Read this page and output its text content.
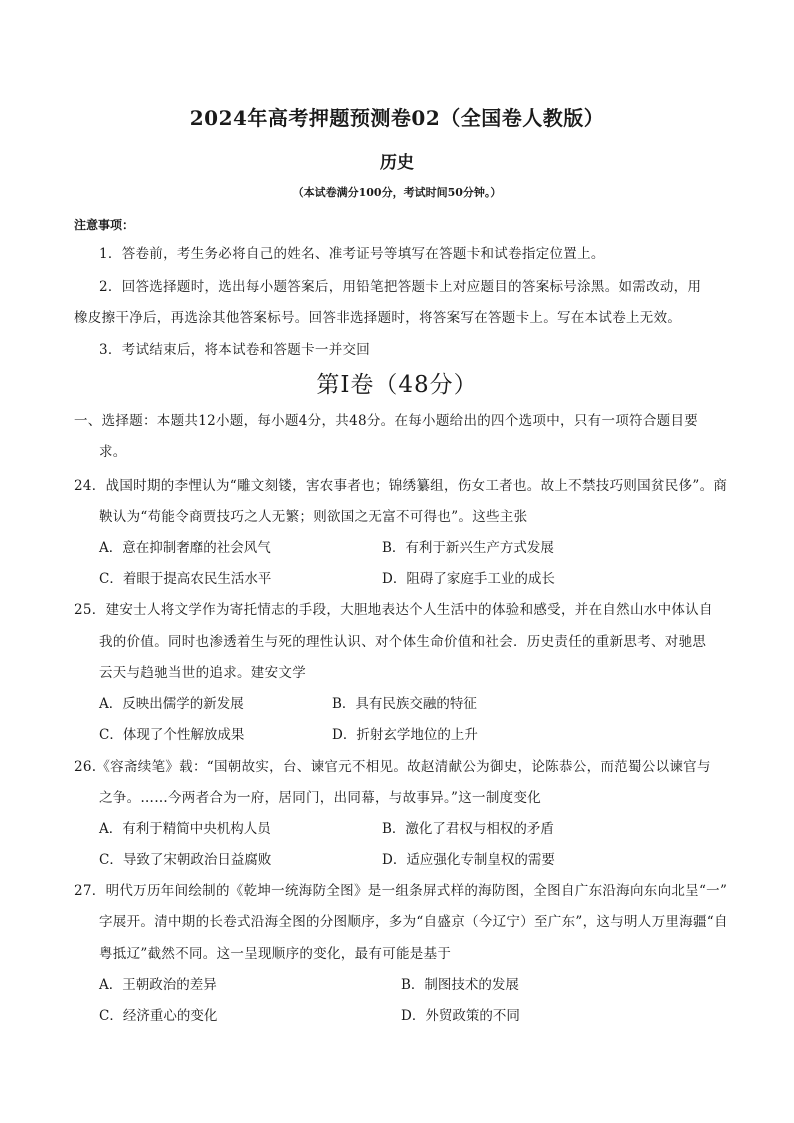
2024年高考押题预测卷02（全国卷人教版）
历史
（本试卷满分100分，考试时间50分钟。）
注意事项：
1．答卷前，考生务必将自己的姓名、准考证号等填写在答题卡和试卷指定位置上。
2．回答选择题时，选出每小题答案后，用铅笔把答题卡上对应题目的答案标号涂黑。如需改动，用
橡皮擦干净后，再选涂其他答案标号。回答非选择题时，将答案写在答题卡上。写在本试卷上无效。
3．考试结束后，将本试卷和答题卡一并交回
第Ⅰ卷（48分）
一、选择题：本题共12小题，每小题4分，共48分。在每小题给出的四个选项中，只有一项符合题目要
求。
24．战国时期的李悝认为“雕文刻镂，害农事者也；锦绣纂组，伤女工者也。故上不禁技巧则国贫民侈”。商
鞅认为“苟能令商贾技巧之人无繁；则欲国之无富不可得也”。这些主张
A．意在抑制奢靡的社会风气	B．有利于新兴生产方式发展
C．着眼于提高农民生活水平	D．阻碍了家庭手工业的成长
25．建安士人将文学作为寄托情志的手段，大胆地表达个人生活中的体验和感受，并在自然山水中体认自
我的价值。同时也渗透着生与死的理性认识、对个体生命价值和社会．历史责任的重新思考、对驰思
云天与趋驰当世的追求。建安文学
A．反映出儒学的新发展	B．具有民族交融的特征
C．体现了个性解放成果	D．折射玄学地位的上升
26.《容斋续笔》载：“国朝故实，台、谏官元不相见。故赵清献公为御史，论陈恭公，而范蜀公以谏官与
之争。……今两者合为一府，居同门，出同幕，与故事异。”这一制度变化
A．有利于精简中央机构人员	B．激化了君权与相权的矛盾
C．导致了宋朝政治日益腐败	D．适应强化专制皇权的需要
27．明代万历年间绘制的《乾坤一统海防全图》是一组条屏式样的海防图，全图自广东沿海向东向北呈“一”
字展开。清中期的长卷式沿海全图的分图顺序，多为“自盛京（今辽宁）至广东”，这与明人万里海疆“自
粤抵辽”截然不同。这一呈现顺序的变化，最有可能是基于
A．王朝政治的差异	B．制图技术的发展
C．经济重心的变化	D．外贸政策的不同
